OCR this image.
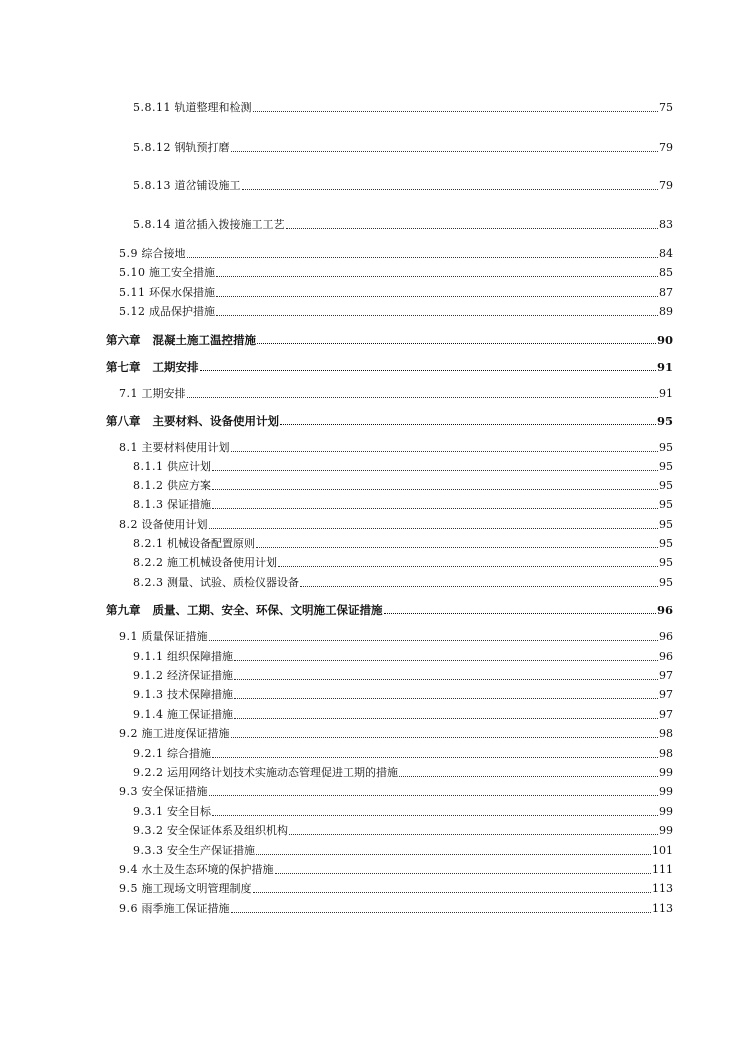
5.8.11 轨道整理和检测	75
5.8.12 钢轨预打磨	79
5.8.13 道岔铺设施工	79
5.8.14 道岔插入拨接施工工艺	83
5.9 综合接地	84
5.10 施工安全措施	85
5.11 环保水保措施	87
5.12 成品保护措施	89
第六章 混凝土施工温控措施	90
第七章 工期安排	91
7.1 工期安排	91
第八章 主要材料、设备使用计划	95
8.1 主要材料使用计划	95
8.1.1 供应计划	95
8.1.2 供应方案	95
8.1.3 保证措施	95
8.2 设备使用计划	95
8.2.1 机械设备配置原则	95
8.2.2 施工机械设备使用计划	95
8.2.3 测量、试验、质检仪器设备	95
第九章 质量、工期、安全、环保、文明施工保证措施	96
9.1 质量保证措施	96
9.1.1 组织保障措施	96
9.1.2 经济保证措施	97
9.1.3 技术保障措施	97
9.1.4 施工保证措施	97
9.2 施工进度保证措施	98
9.2.1 综合措施	98
9.2.2 运用网络计划技术实施动态管理促进工期的措施	99
9.3 安全保证措施	99
9.3.1 安全目标	99
9.3.2 安全保证体系及组织机构	99
9.3.3 安全生产保证措施	101
9.4 水土及生态环境的保护措施	111
9.5 施工现场文明管理制度	113
9.6 雨季施工保证措施	113
